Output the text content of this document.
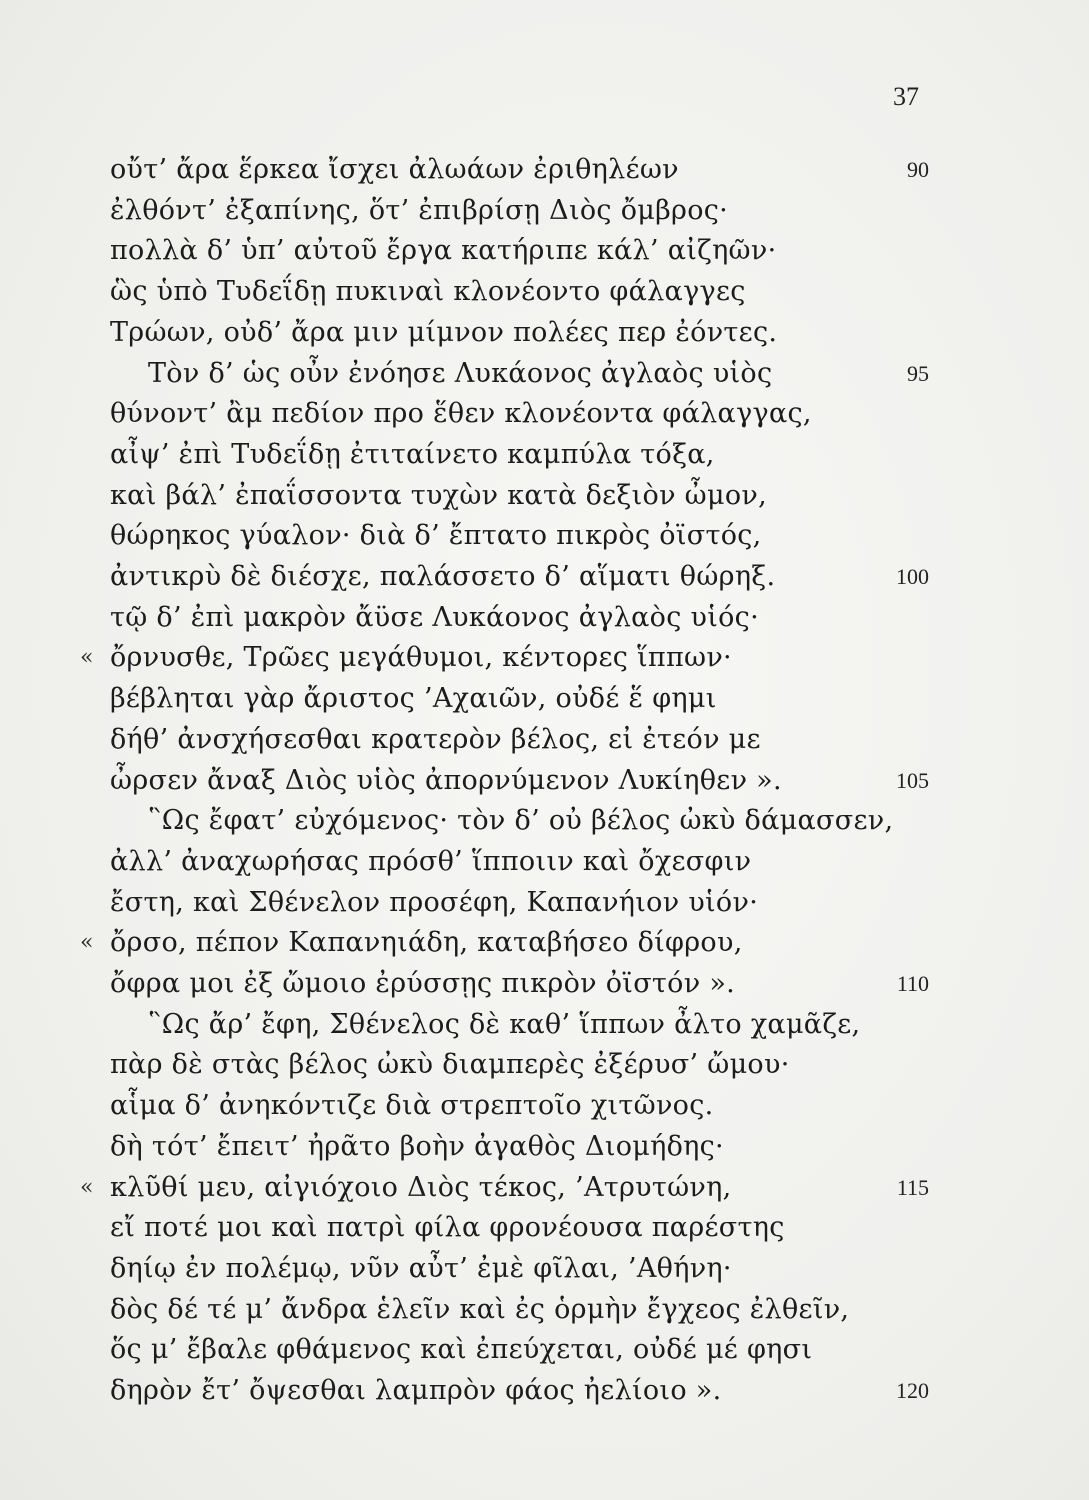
37
οὔτ’ ἄρα ἕρκεα ἴσχει ἀλωάων ἐριθηλέων	90
ἐλθόντ’ ἐξαπίνης, ὅτ’ ἐπιβρίσῃ Διὸς ὄμβρος·
πολλὰ δ’ ὑπ’ αὐτοῦ ἔργα κατήριπε κάλ’ αἰζηῶν·
ὣς ὑπὸ Τυδεΐδῃ πυκιναὶ κλονέοντο φάλαγγες
Τρώων, οὐδ’ ἄρα μιν μίμνον πολέες περ ἐόντες.
Τὸν δ’ ὡς οὖν ἐνόησε Λυκάονος ἀγλαὸς υἱὸς	95
θύνοντ’ ἂμ πεδίον προ ἕθεν κλονέοντα φάλαγγας,
αἶψ’ ἐπὶ Τυδεΐδῃ ἐτιταίνετο καμπύλα τόξα,
καὶ βάλ’ ἐπαΐσσοντα τυχὼν κατὰ δεξιὸν ὦμον,
θώρηκος γύαλον· διὰ δ’ ἔπτατο πικρὸς ὀϊστός,
ἀντικρὺ δὲ διέσχε, παλάσσετο δ’ αἵματι θώρηξ.	100
τῷ δ’ ἐπὶ μακρὸν ἄϋσε Λυκάονος ἀγλαὸς υἱός·
« ὄρνυσθε, Τρῶες μεγάθυμοι, κέντορες ἵππων·
βέβληται γὰρ ἄριστος ’Αχαιῶν, οὐδέ ἕ φημι
δήθ’ ἀνσχήσεσθαι κρατερὸν βέλος, εἰ ἐτεόν με
ὦρσεν ἄναξ Διὸς υἱὸς ἀπορνύμενον Λυκίηθεν ».	105
῝Ως ἔφατ’ εὐχόμενος· τὸν δ’ οὐ βέλος ὠκὺ δάμασσεν,
ἀλλ’ ἀναχωρήσας πρόσθ’ ἵπποιιν καὶ ὄχεσφιν
ἔστη, καὶ Σθένελον προσέφη, Καπανήιον υἱόν·
« ὄρσο, πέπον Καπανηιάδη, καταβήσεο δίφρου,
ὄφρα μοι ἐξ ὤμοιο ἐρύσσῃς πικρὸν ὀϊστόν ».	110
῝Ως ἄρ’ ἔφη, Σθένελος δὲ καθ’ ἵππων ἆλτο χαμᾶζε,
πὰρ δὲ στὰς βέλος ὠκὺ διαμπερὲς ἐξέρυσ’ ὤμου·
αἷμα δ’ ἀνηκόντιζε διὰ στρεπτοῖο χιτῶνος.
δὴ τότ’ ἔπειτ’ ἠρᾶτο βοὴν ἀγαθὸς Διομήδης·
« κλῦθί μευ, αἰγιόχοιο Διὸς τέκος, ’Ατρυτώνη,	115
εἴ ποτέ μοι καὶ πατρὶ φίλα φρονέουσα παρέστης
δηίῳ ἐν πολέμῳ, νῦν αὖτ’ ἐμὲ φῖλαι, ’Αθήνη·
δὸς δέ τέ μ’ ἄνδρα ἑλεῖν καὶ ἐς ὁρμὴν ἔγχεος ἐλθεῖν,
ὅς μ’ ἔβαλε φθάμενος καὶ ἐπεύχεται, οὐδέ μέ φησι
δηρὸν ἔτ’ ὄψεσθαι λαμπρὸν φάος ἠελίοιο ».	120
